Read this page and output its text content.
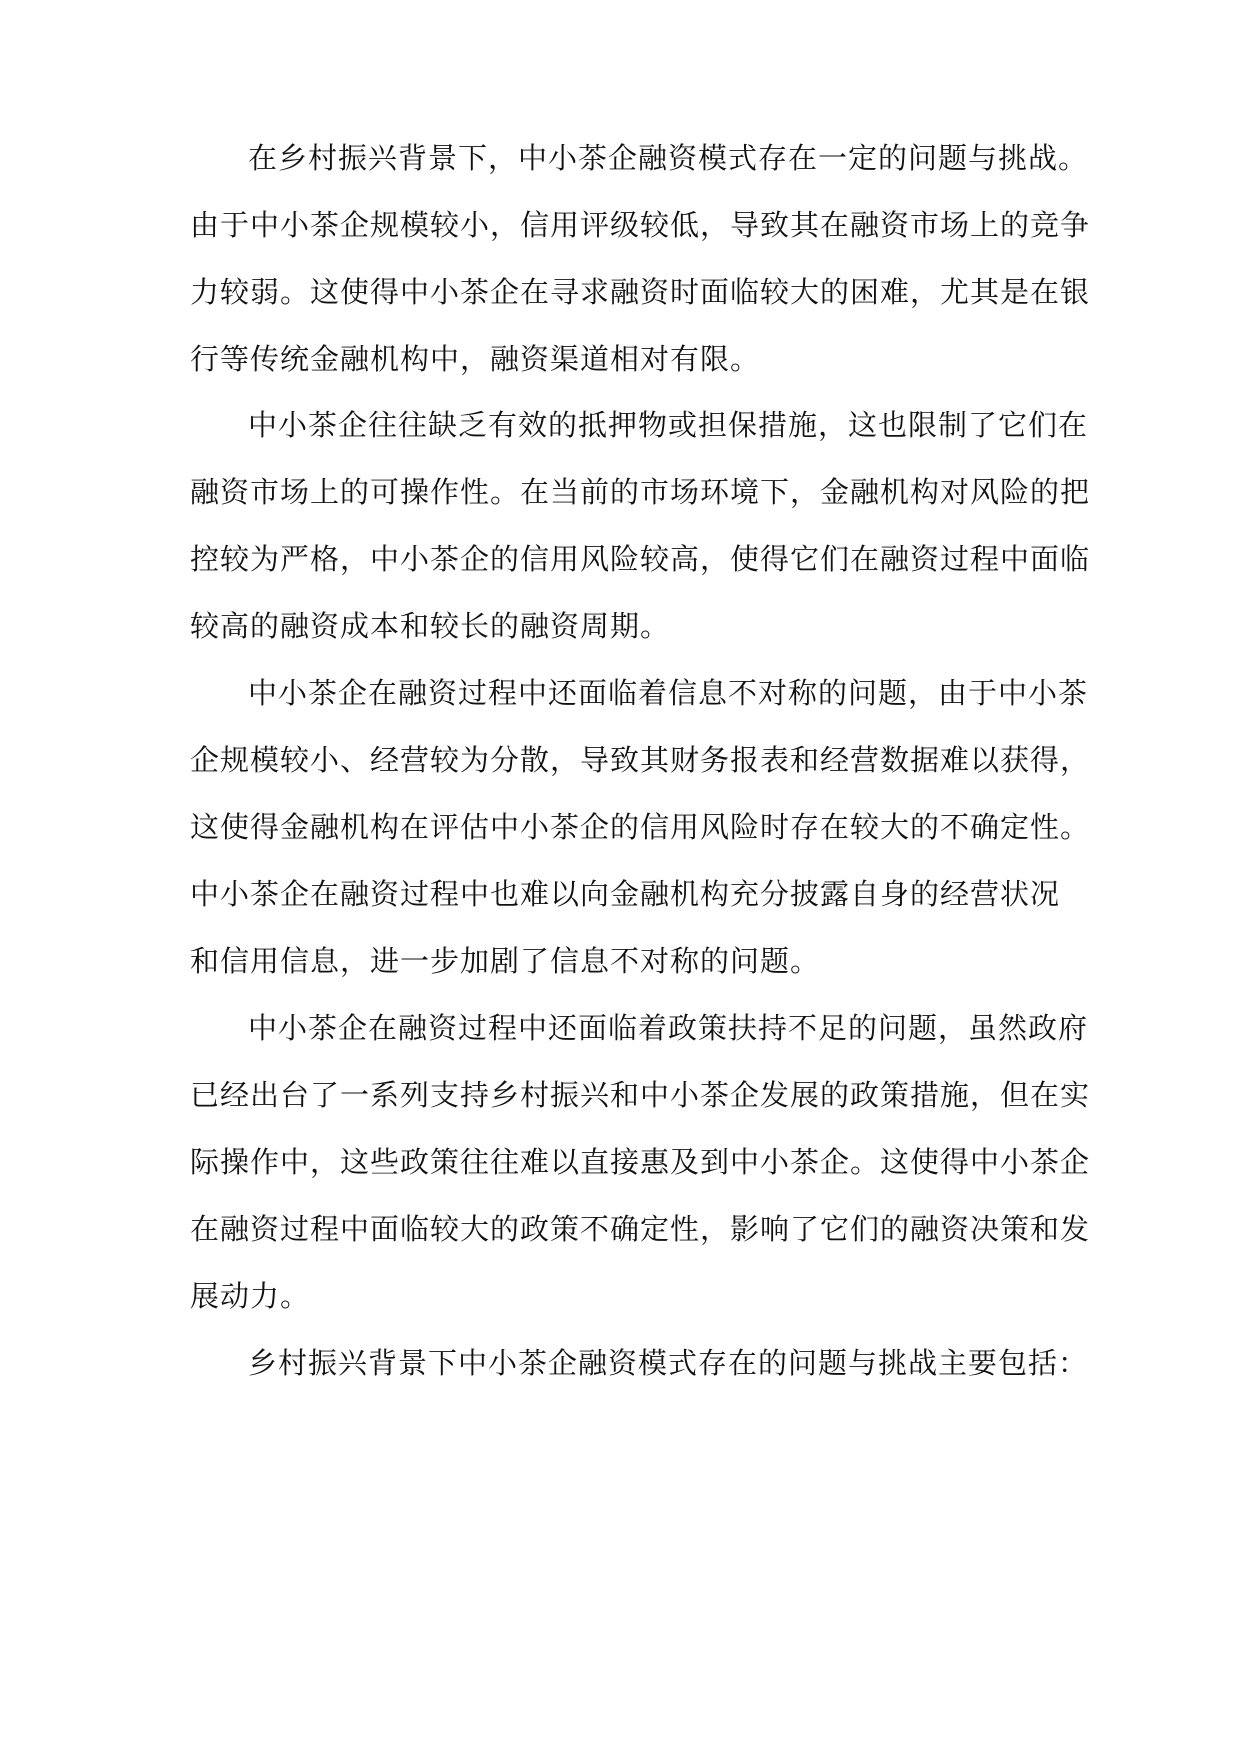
在乡村振兴背景下，中小茶企融资模式存在一定的问题与挑战。
由于中小茶企规模较小，信用评级较低，导致其在融资市场上的竞争
力较弱。这使得中小茶企在寻求融资时面临较大的困难，尤其是在银
行等传统金融机构中，融资渠道相对有限。
中小茶企往往缺乏有效的抵押物或担保措施，这也限制了它们在
融资市场上的可操作性。在当前的市场环境下，金融机构对风险的把
控较为严格，中小茶企的信用风险较高，使得它们在融资过程中面临
较高的融资成本和较长的融资周期。
中小茶企在融资过程中还面临着信息不对称的问题，由于中小茶
企规模较小、经营较为分散，导致其财务报表和经营数据难以获得，
这使得金融机构在评估中小茶企的信用风险时存在较大的不确定性。
中小茶企在融资过程中也难以向金融机构充分披露自身的经营状况
和信用信息，进一步加剧了信息不对称的问题。
中小茶企在融资过程中还面临着政策扶持不足的问题，虽然政府
已经出台了一系列支持乡村振兴和中小茶企发展的政策措施，但在实
际操作中，这些政策往往难以直接惠及到中小茶企。这使得中小茶企
在融资过程中面临较大的政策不确定性，影响了它们的融资决策和发
展动力。
乡村振兴背景下中小茶企融资模式存在的问题与挑战主要包括：
